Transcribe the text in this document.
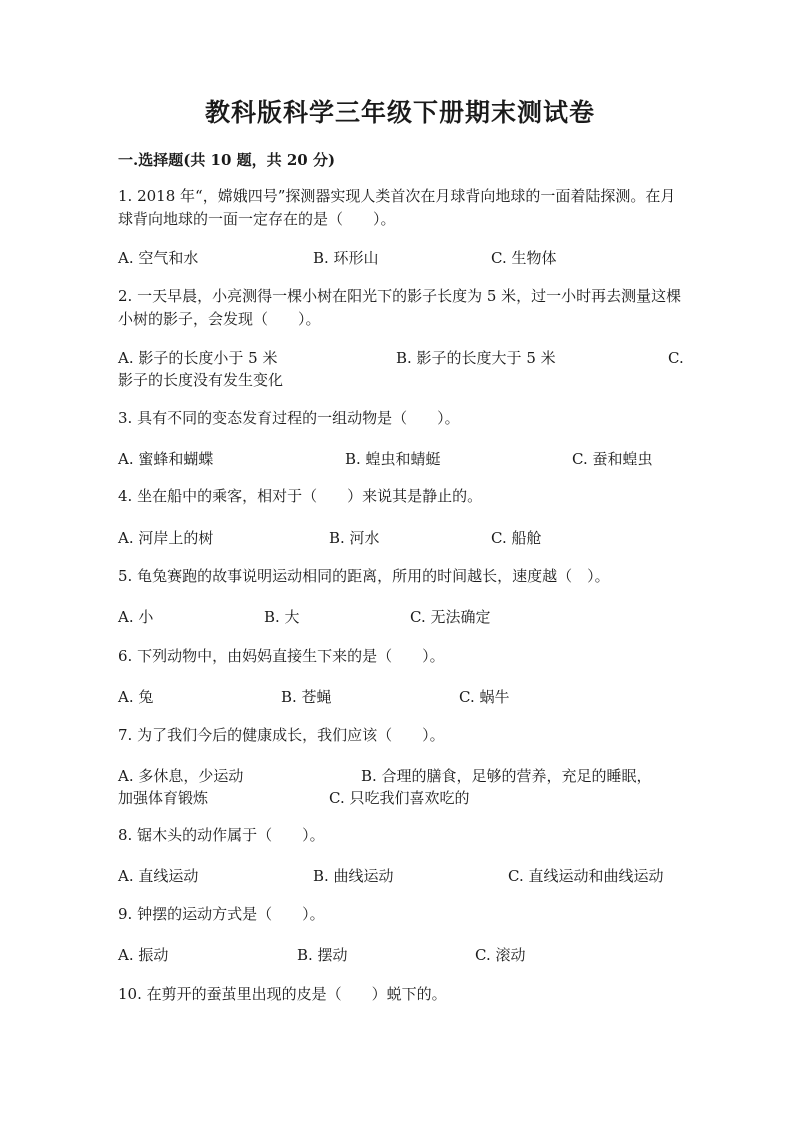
教科版科学三年级下册期末测试卷
一.选择题(共 10 题，共 20 分)
1. 2018 年“，嫦娥四号”探测器实现人类首次在月球背向地球的一面着陆探测。在月球背向地球的一面一定存在的是（　　）。
A. 空气和水	B. 环形山	C. 生物体
2. 一天早晨，小亮测得一棵小树在阳光下的影子长度为 5 米，过一小时再去测量这棵小树的影子，会发现（　　）。
A. 影子的长度小于 5 米	B. 影子的长度大于 5 米	C.
影子的长度没有发生变化
3. 具有不同的变态发育过程的一组动物是（　　）。
A. 蜜蜂和蝴蝶	B. 蝗虫和蜻蜓	C. 蚕和蝗虫
4. 坐在船中的乘客，相对于（　　）来说其是静止的。
A. 河岸上的树	B. 河水	C. 船舱
5. 龟兔赛跑的故事说明运动相同的距离，所用的时间越长，速度越（　）。
A. 小	B. 大	C. 无法确定
6. 下列动物中，由妈妈直接生下来的是（　　）。
A. 兔	B. 苍蝇	C. 蜗牛
7. 为了我们今后的健康成长，我们应该（　　）。
A. 多休息，少运动	B. 合理的膳食，足够的营养，充足的睡眠，
加强体育锻炼	C. 只吃我们喜欢吃的
8. 锯木头的动作属于（　　）。
A. 直线运动	B. 曲线运动	C. 直线运动和曲线运动
9. 钟摆的运动方式是（　　）。
A. 振动	B. 摆动	C. 滚动
10. 在剪开的蚕茧里出现的皮是（　　）蜕下的。
